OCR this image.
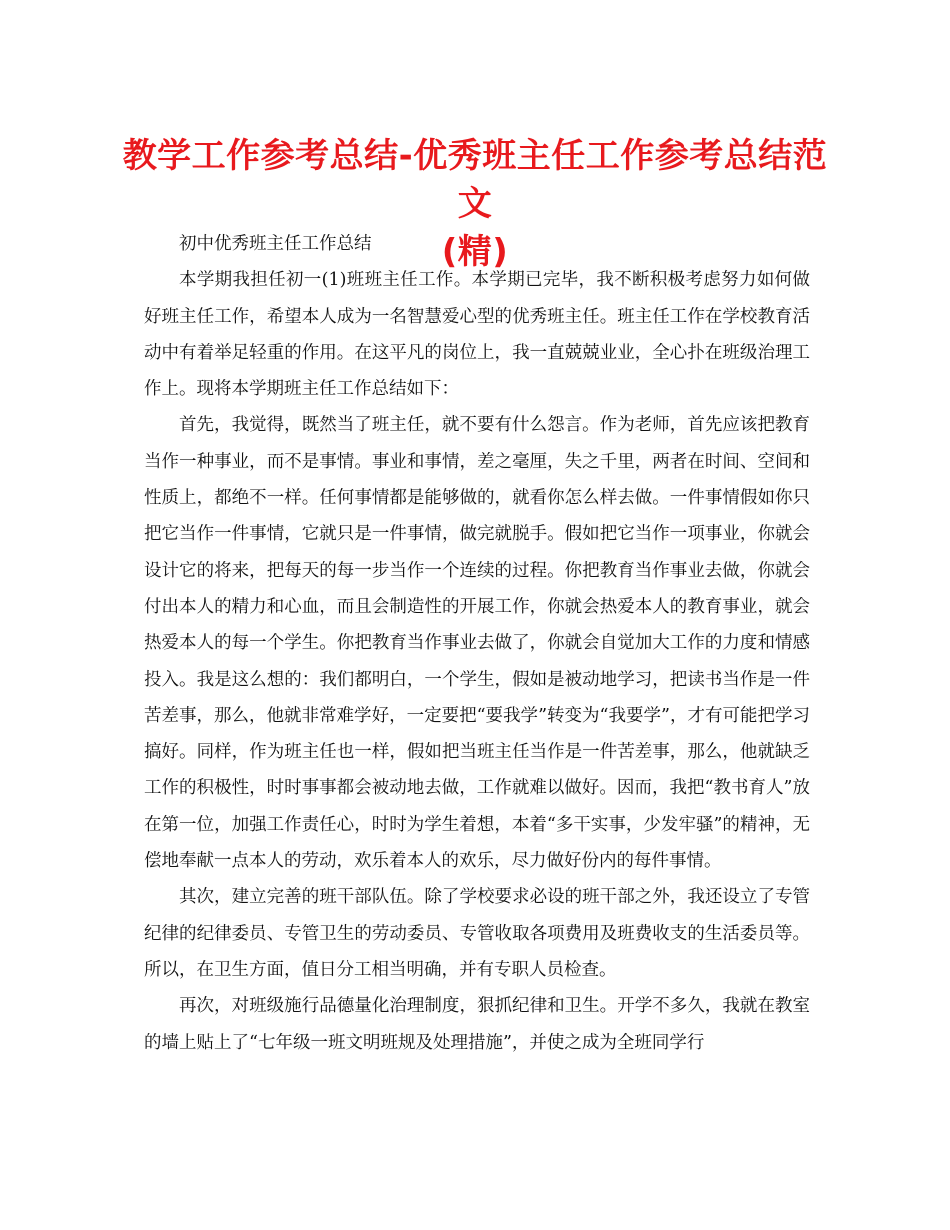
教学工作参考总结-优秀班主任工作参考总结范文
(精)

初中优秀班主任工作总结

本学期我担任初一(1)班班主任工作。本学期已完毕，我不断积极考虑努力如何做好班主任工作，希望本人成为一名智慧爱心型的优秀班主任。班主任工作在学校教育活动中有着举足轻重的作用。在这平凡的岗位上，我一直兢兢业业，全心扑在班级治理工作上。现将本学期班主任工作总结如下：

首先，我觉得，既然当了班主任，就不要有什么怨言。作为老师，首先应该把教育当作一种事业，而不是事情。事业和事情，差之毫厘，失之千里，两者在时间、空间和性质上，都绝不一样。任何事情都是能够做的，就看你怎么样去做。一件事情假如你只把它当作一件事情，它就只是一件事情，做完就脱手。假如把它当作一项事业，你就会设计它的将来，把每天的每一步当作一个连续的过程。你把教育当作事业去做，你就会付出本人的精力和心血，而且会制造性的开展工作，你就会热爱本人的教育事业，就会热爱本人的每一个学生。你把教育当作事业去做了，你就会自觉加大工作的力度和情感投入。我是这么想的：我们都明白，一个学生，假如是被动地学习，把读书当作是一件苦差事，那么，他就非常难学好，一定要把“要我学”转变为“我要学”，才有可能把学习搞好。同样，作为班主任也一样，假如把当班主任当作是一件苦差事，那么，他就缺乏工作的积极性，时时事事都会被动地去做，工作就难以做好。因而，我把“教书育人”放在第一位，加强工作责任心，时时为学生着想，本着“多干实事，少发牢骚”的精神，无偿地奉献一点本人的劳动，欢乐着本人的欢乐，尽力做好份内的每件事情。

其次，建立完善的班干部队伍。除了学校要求必设的班干部之外，我还设立了专管纪律的纪律委员、专管卫生的劳动委员、专管收取各项费用及班费收支的生活委员等。所以，在卫生方面，值日分工相当明确，并有专职人员检查。

再次，对班级施行品德量化治理制度，狠抓纪律和卫生。开学不多久，我就在教室的墙上贴上了“七年级一班文明班规及处理措施”，并使之成为全班同学行
